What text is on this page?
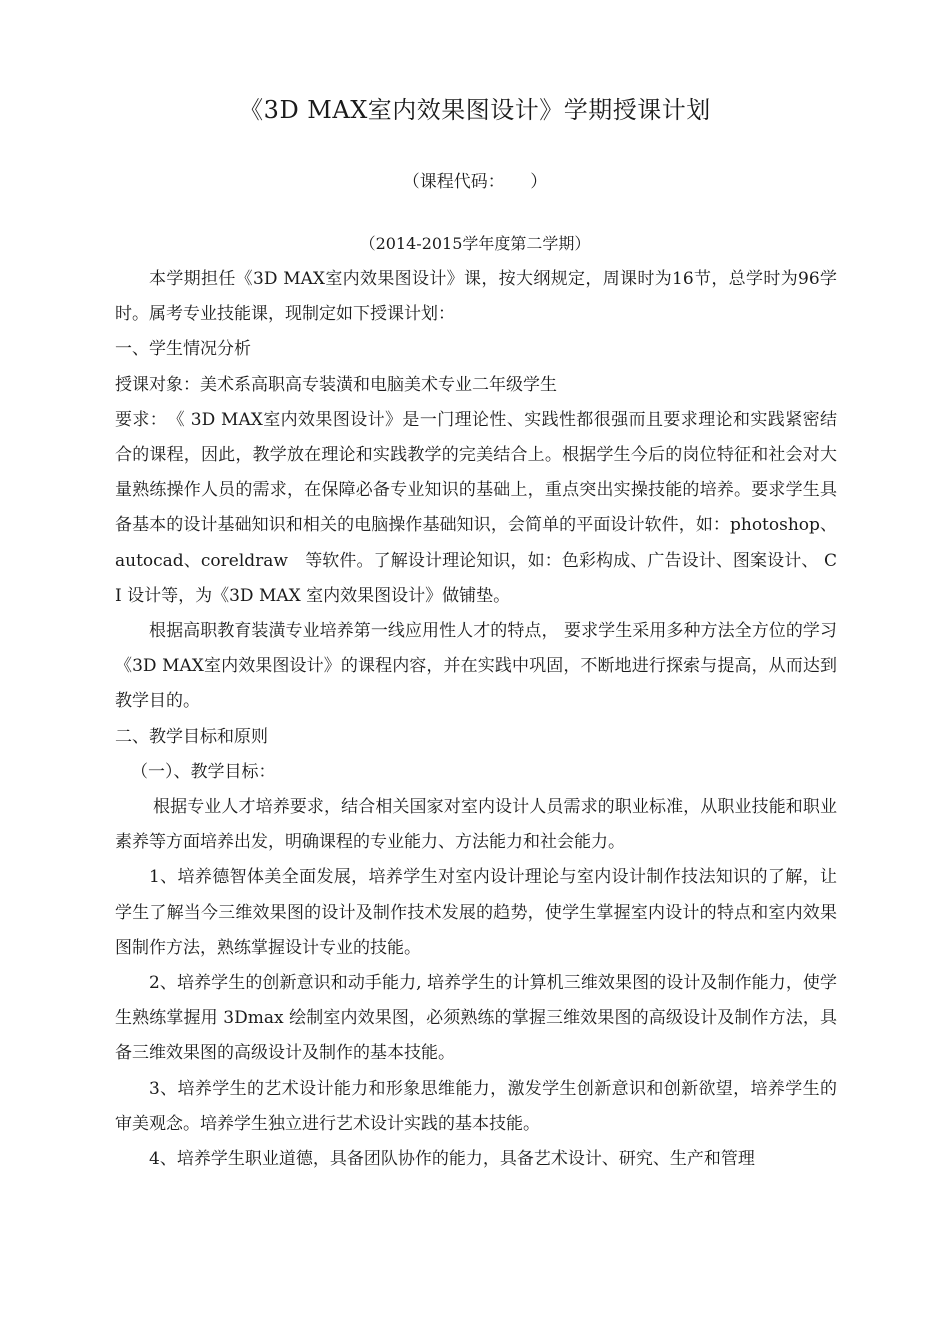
《3D MAX室内效果图设计》学期授课计划
（课程代码：　　）
（2014-2015学年度第二学期）

本学期担任《3D MAX室内效果图设计》课，按大纲规定，周课时为16节，总学时为96学时。属考专业技能课，现制定如下授课计划：

一、学生情况分析

授课对象：美术系高职高专装潢和电脑美术专业二年级学生

要求：　《 3D MAX室内效果图设计》是一门理论性、实践性都很强而且要求理论和实践紧密结合的课程，因此，教学放在理论和实践教学的完美结合上。根据学生今后的岗位特征和社会对大量熟练操作人员的需求，在保障必备专业知识的基础上，重点突出实操技能的培养。要求学生具备基本的设计基础知识和相关的电脑操作基础知识，会简单的平面设计软件，如：photoshop、autocad、coreldraw　等软件。了解设计理论知识，如：色彩构成、广告设计、图案设计、 CI 设计等，为《3D MAX 室内效果图设计》做铺垫。

根据高职教育装潢专业培养第一线应用性人才的特点， 要求学生采用多种方法全方位的学习《3D MAX室内效果图设计》的课程内容，并在实践中巩固，不断地进行探索与提高，从而达到教学目的。

二、教学目标和原则

（一）、教学目标：

根据专业人才培养要求，结合相关国家对室内设计人员需求的职业标准，从职业技能和职业素养等方面培养出发，明确课程的专业能力、方法能力和社会能力。

1、培养德智体美全面发展，培养学生对室内设计理论与室内设计制作技法知识的了解，让学生了解当今三维效果图的设计及制作技术发展的趋势，使学生掌握室内设计的特点和室内效果图制作方法，熟练掌握设计专业的技能。

2、培养学生的创新意识和动手能力, 培养学生的计算机三维效果图的设计及制作能力，使学生熟练掌握用 3Dmax 绘制室内效果图，必须熟练的掌握三维效果图的高级设计及制作方法，具备三维效果图的高级设计及制作的基本技能。

3、培养学生的艺术设计能力和形象思维能力，激发学生创新意识和创新欲望，培养学生的审美观念。培养学生独立进行艺术设计实践的基本技能。

4、培养学生职业道德，具备团队协作的能力，具备艺术设计、研究、生产和管理
